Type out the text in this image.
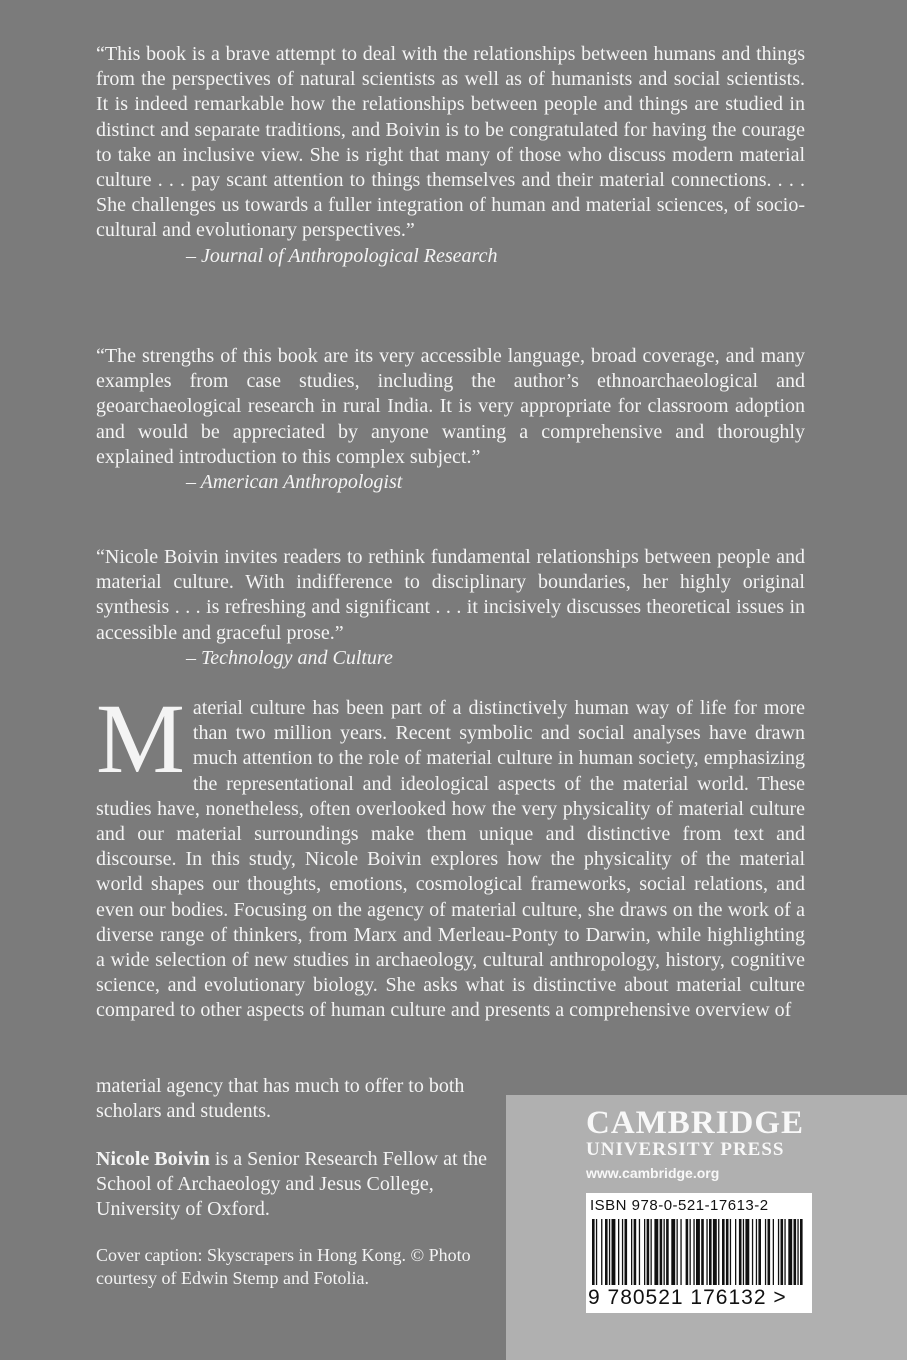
“This book is a brave attempt to deal with the relationships between humans and things from the perspectives of natural scientists as well as of humanists and social scientists. It is indeed remarkable how the relationships between people and things are studied in distinct and separate traditions, and Boivin is to be congratulated for having the courage to take an inclusive view. She is right that many of those who discuss modern material culture . . . pay scant attention to things themselves and their material connections. . . . She challenges us towards a fuller integration of human and material sciences, of socio-cultural and evolutionary perspectives.”
– Journal of Anthropological Research
“The strengths of this book are its very accessible language, broad coverage, and many examples from case studies, including the author’s ethnoarchaeological and geoarchaeological research in rural India. It is very appropriate for classroom adoption and would be appreciated by anyone wanting a comprehensive and thoroughly explained introduction to this complex subject.”
– American Anthropologist
“Nicole Boivin invites readers to rethink fundamental relationships between people and material culture. With indifference to disciplinary boundaries, her highly original synthesis . . . is refreshing and significant . . . it incisively discusses theoretical issues in accessible and graceful prose.”
– Technology and Culture
M aterial culture has been part of a distinctively human way of life for more than two million years. Recent symbolic and social analyses have drawn much attention to the role of material culture in human society, emphasizing the representational and ideological aspects of the material world. These studies have, nonetheless, often overlooked how the very physicality of material culture and our material surroundings make them unique and distinctive from text and discourse. In this study, Nicole Boivin explores how the physicality of the material world shapes our thoughts, emotions, cosmological frameworks, social relations, and even our bodies. Focusing on the agency of material culture, she draws on the work of a diverse range of thinkers, from Marx and Merleau-Ponty to Darwin, while highlighting a wide selection of new studies in archaeology, cultural anthropology, history, cognitive science, and evolutionary biology. She asks what is distinctive about material culture compared to other aspects of human culture and presents a comprehensive overview of
material agency that has much to offer to both scholars and students.
Nicole Boivin is a Senior Research Fellow at the School of Archaeology and Jesus College, University of Oxford.
Cover caption: Skyscrapers in Hong Kong. © Photo courtesy of Edwin Stemp and Fotolia.
CAMBRIDGE
UNIVERSITY PRESS
www.cambridge.org
ISBN 978-0-521-17613-2
9 780521 176132 >
